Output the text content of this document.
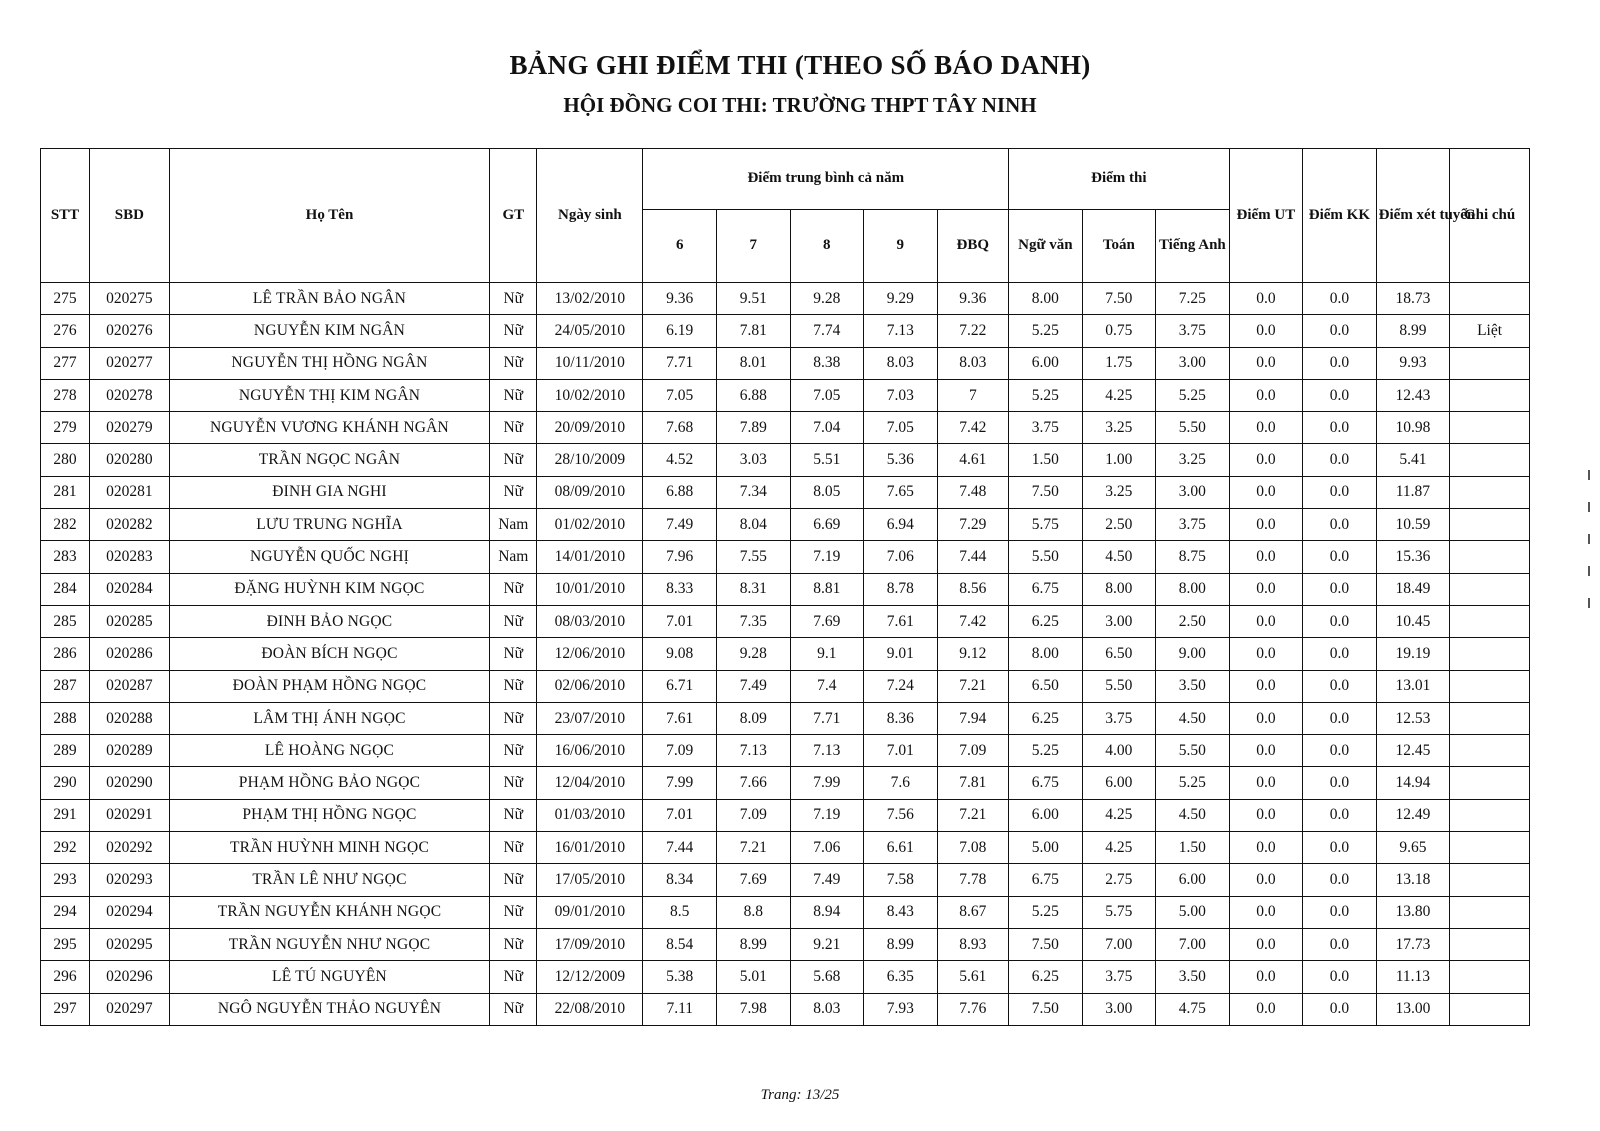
BẢNG GHI ĐIỂM THI (THEO SỐ BÁO DANH)
HỘI ĐỒNG COI THI: TRƯỜNG THPT TÂY NINH
STT	SBD	Họ Tên	GT	Ngày sinh	Điểm trung bình cả năm					Điểm thi			Điểm UT	Điểm KK	Điểm xét tuyển	Ghi chú
					6	7	8	9	ĐBQ	Ngữ văn	Toán	Tiếng Anh				
275	020275	LÊ TRẦN BẢO NGÂN	Nữ	13/02/2010	9.36	9.51	9.28	9.29	9.36	8.00	7.50	7.25	0.0	0.0	18.73	
276	020276	NGUYỄN KIM NGÂN	Nữ	24/05/2010	6.19	7.81	7.74	7.13	7.22	5.25	0.75	3.75	0.0	0.0	8.99	Liệt
277	020277	NGUYỄN THỊ HỒNG NGÂN	Nữ	10/11/2010	7.71	8.01	8.38	8.03	8.03	6.00	1.75	3.00	0.0	0.0	9.93	
278	020278	NGUYỄN THỊ KIM NGÂN	Nữ	10/02/2010	7.05	6.88	7.05	7.03	7	5.25	4.25	5.25	0.0	0.0	12.43	
279	020279	NGUYỄN VƯƠNG KHÁNH NGÂN	Nữ	20/09/2010	7.68	7.89	7.04	7.05	7.42	3.75	3.25	5.50	0.0	0.0	10.98	
280	020280	TRẦN NGỌC NGÂN	Nữ	28/10/2009	4.52	3.03	5.51	5.36	4.61	1.50	1.00	3.25	0.0	0.0	5.41	
281	020281	ĐINH GIA NGHI	Nữ	08/09/2010	6.88	7.34	8.05	7.65	7.48	7.50	3.25	3.00	0.0	0.0	11.87	
282	020282	LƯU TRUNG NGHĨA	Nam	01/02/2010	7.49	8.04	6.69	6.94	7.29	5.75	2.50	3.75	0.0	0.0	10.59	
283	020283	NGUYỄN QUỐC NGHỊ	Nam	14/01/2010	7.96	7.55	7.19	7.06	7.44	5.50	4.50	8.75	0.0	0.0	15.36	
284	020284	ĐẶNG HUỲNH KIM NGỌC	Nữ	10/01/2010	8.33	8.31	8.81	8.78	8.56	6.75	8.00	8.00	0.0	0.0	18.49	
285	020285	ĐINH BẢO NGỌC	Nữ	08/03/2010	7.01	7.35	7.69	7.61	7.42	6.25	3.00	2.50	0.0	0.0	10.45	
286	020286	ĐOÀN BÍCH NGỌC	Nữ	12/06/2010	9.08	9.28	9.1	9.01	9.12	8.00	6.50	9.00	0.0	0.0	19.19	
287	020287	ĐOÀN PHẠM HỒNG NGỌC	Nữ	02/06/2010	6.71	7.49	7.4	7.24	7.21	6.50	5.50	3.50	0.0	0.0	13.01	
288	020288	LÂM THỊ ÁNH NGỌC	Nữ	23/07/2010	7.61	8.09	7.71	8.36	7.94	6.25	3.75	4.50	0.0	0.0	12.53	
289	020289	LÊ HOÀNG NGỌC	Nữ	16/06/2010	7.09	7.13	7.13	7.01	7.09	5.25	4.00	5.50	0.0	0.0	12.45	
290	020290	PHẠM HỒNG BẢO NGỌC	Nữ	12/04/2010	7.99	7.66	7.99	7.6	7.81	6.75	6.00	5.25	0.0	0.0	14.94	
291	020291	PHẠM THỊ HỒNG NGỌC	Nữ	01/03/2010	7.01	7.09	7.19	7.56	7.21	6.00	4.25	4.50	0.0	0.0	12.49	
292	020292	TRẦN HUỲNH MINH NGỌC	Nữ	16/01/2010	7.44	7.21	7.06	6.61	7.08	5.00	4.25	1.50	0.0	0.0	9.65	
293	020293	TRẦN LÊ NHƯ NGỌC	Nữ	17/05/2010	8.34	7.69	7.49	7.58	7.78	6.75	2.75	6.00	0.0	0.0	13.18	
294	020294	TRẦN NGUYỄN KHÁNH NGỌC	Nữ	09/01/2010	8.5	8.8	8.94	8.43	8.67	5.25	5.75	5.00	0.0	0.0	13.80	
295	020295	TRẦN NGUYỄN NHƯ NGỌC	Nữ	17/09/2010	8.54	8.99	9.21	8.99	8.93	7.50	7.00	7.00	0.0	0.0	17.73	
296	020296	LÊ TÚ NGUYÊN	Nữ	12/12/2009	5.38	5.01	5.68	6.35	5.61	6.25	3.75	3.50	0.0	0.0	11.13	
297	020297	NGÔ NGUYỄN THẢO NGUYÊN	Nữ	22/08/2010	7.11	7.98	8.03	7.93	7.76	7.50	3.00	4.75	0.0	0.0	13.00	
Trang: 13/25
